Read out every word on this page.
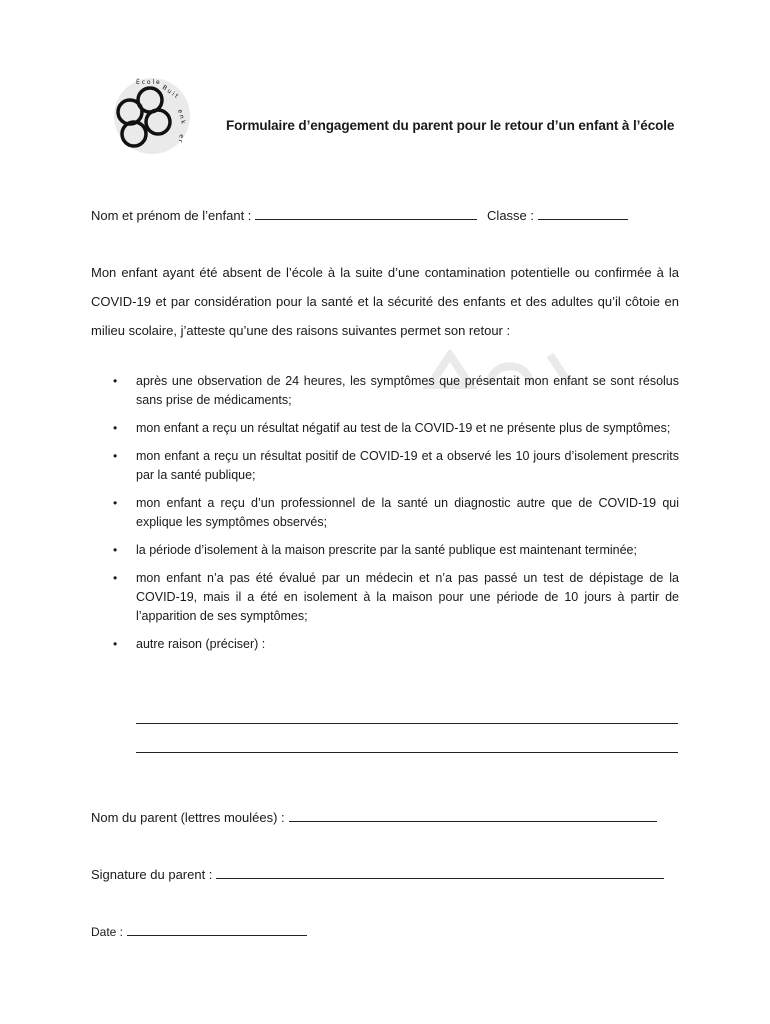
É c o l e
B u i t
e n k
e r
Formulaire d’engagement du parent pour le retour d’un enfant à l’école
Nom et prénom de l’enfant :	Classe :

Mon enfant ayant été absent de l’école à la suite d’une contamination potentielle ou confirmée à la COVID-19 et par considération pour la santé et la sécurité des enfants et des adultes qu’il côtoie en milieu scolaire, j’atteste qu’une des raisons suivantes permet son retour :

• après une observation de 24 heures, les symptômes que présentait mon enfant se sont résolus sans prise de médicaments;
• mon enfant a reçu un résultat négatif au test de la COVID-19 et ne présente plus de symptômes;
• mon enfant a reçu un résultat positif de COVID-19 et a observé les 10 jours d’isolement prescrits par la santé publique;
• mon enfant a reçu d’un professionnel de la santé un diagnostic autre que de COVID-19 qui explique les symptômes observés;
• la période d’isolement à la maison prescrite par la santé publique est maintenant terminée;
• mon enfant n’a pas été évalué par un médecin et n’a pas passé un test de dépistage de la COVID-19, mais il a été en isolement à la maison pour une période de 10 jours à partir de l’apparition de ses symptômes;
• autre raison (préciser) :
Nom du parent (lettres moulées) :
Signature du parent :
Date :
